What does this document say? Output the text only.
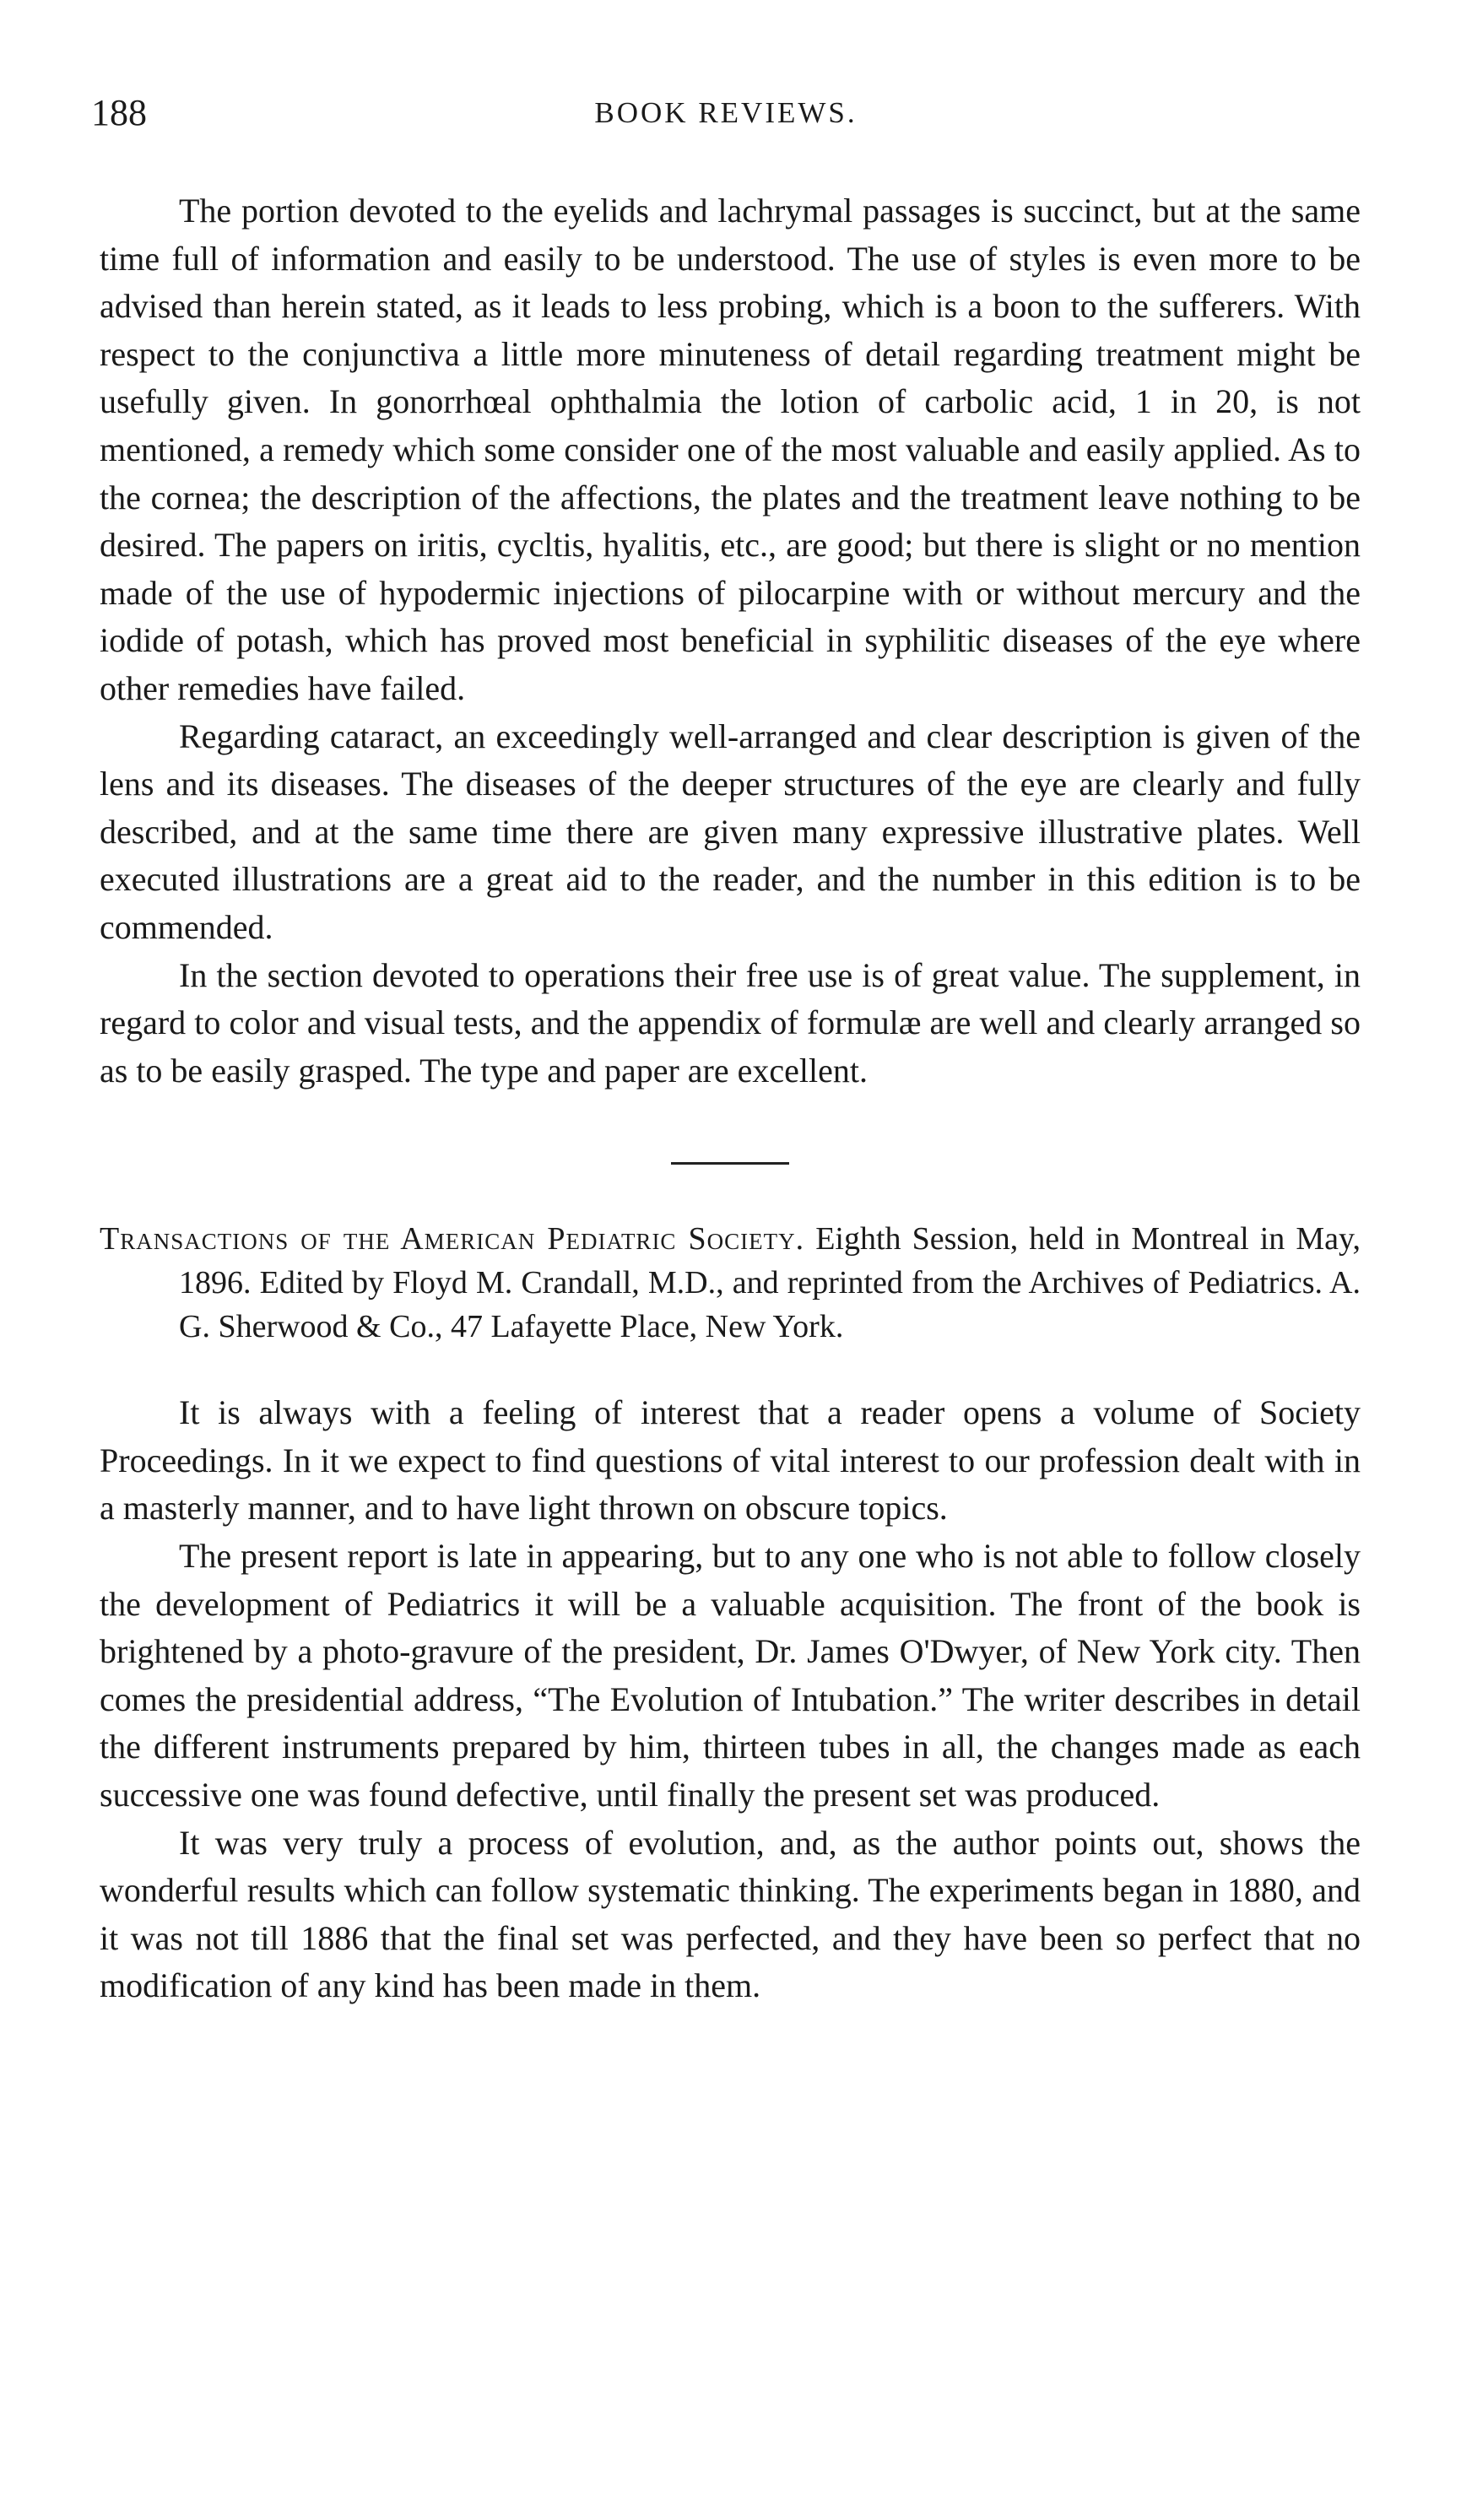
188	BOOK REVIEWS.

The portion devoted to the eyelids and lachrymal passages is succinct, but at the same time full of information and easily to be understood. The use of styles is even more to be advised than herein stated, as it leads to less probing, which is a boon to the sufferers. With respect to the conjunctiva a little more minuteness of detail regarding treatment might be usefully given. In gonorrhœal ophthalmia the lotion of carbolic acid, 1 in 20, is not mentioned, a remedy which some consider one of the most valuable and easily applied. As to the cornea; the description of the affections, the plates and the treatment leave nothing to be desired. The papers on iritis, cycltis, hyalitis, etc., are good; but there is slight or no mention made of the use of hypodermic injections of pilocarpine with or without mercury and the iodide of potash, which has proved most beneficial in syphilitic diseases of the eye where other remedies have failed.

Regarding cataract, an exceedingly well-arranged and clear description is given of the lens and its diseases. The diseases of the deeper structures of the eye are clearly and fully described, and at the same time there are given many expressive illustrative plates. Well executed illustrations are a great aid to the reader, and the number in this edition is to be commended.

In the section devoted to operations their free use is of great value. The supplement, in regard to color and visual tests, and the appendix of formulæ are well and clearly arranged so as to be easily grasped. The type and paper are excellent.

Transactions of the American Pediatric Society. Eighth Session, held in Montreal in May, 1896. Edited by Floyd M. Crandall, M.D., and reprinted from the Archives of Pediatrics. A. G. Sherwood & Co., 47 Lafayette Place, New York.

It is always with a feeling of interest that a reader opens a volume of Society Proceedings. In it we expect to find questions of vital interest to our profession dealt with in a masterly manner, and to have light thrown on obscure topics.

The present report is late in appearing, but to any one who is not able to follow closely the development of Pediatrics it will be a valuable acquisition. The front of the book is brightened by a photo-gravure of the president, Dr. James O'Dwyer, of New York city. Then comes the presidential address, “The Evolution of Intubation.” The writer describes in detail the different instruments prepared by him, thirteen tubes in all, the changes made as each successive one was found defective, until finally the present set was produced.

It was very truly a process of evolution, and, as the author points out, shows the wonderful results which can follow systematic thinking. The experiments began in 1880, and it was not till 1886 that the final set was perfected, and they have been so perfect that no modification of any kind has been made in them.
